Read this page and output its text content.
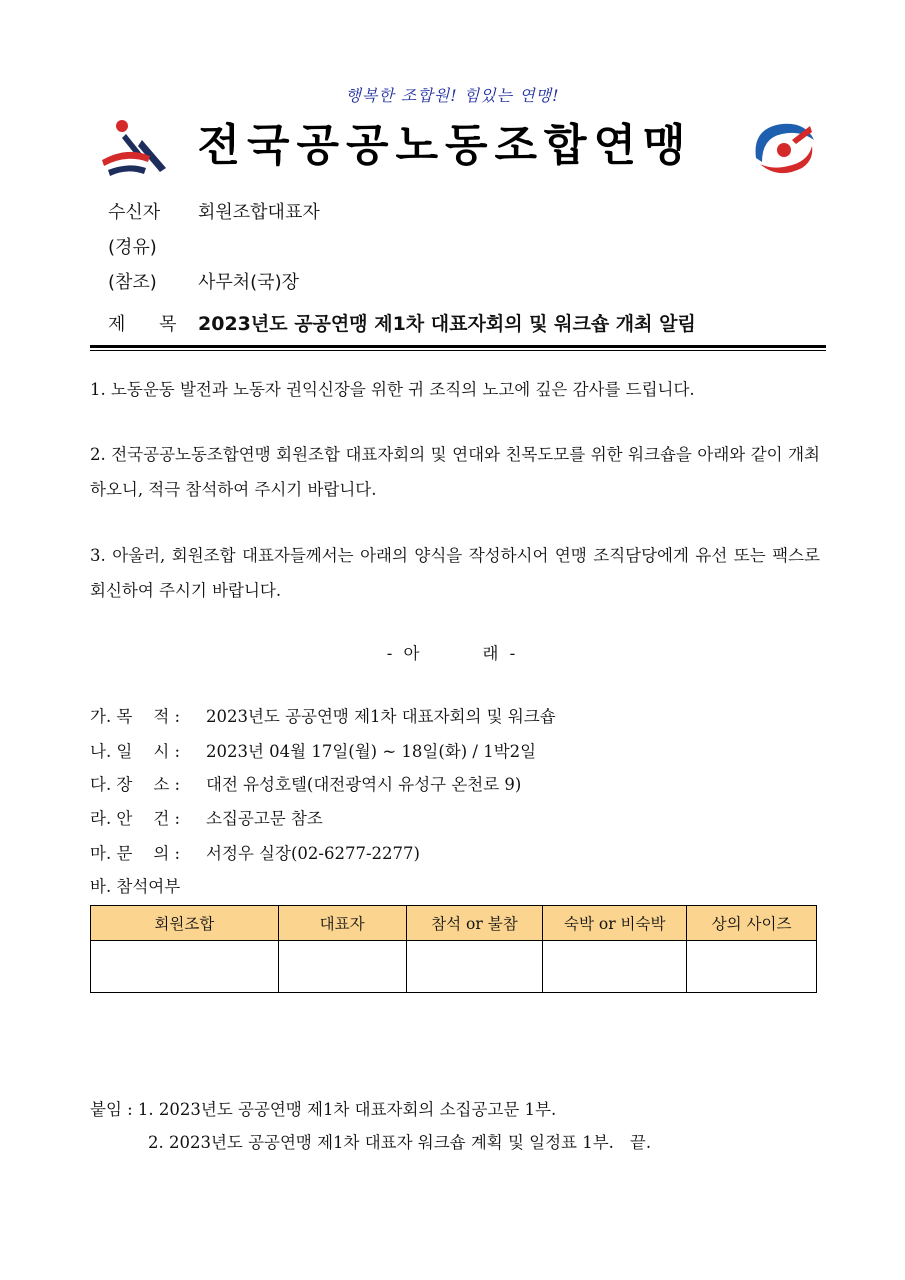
행복한 조합원! 힘있는 연맹!
전국공공노동조합연맹
수신자 회원조합대표자
(경유)
(참조) 사무처(국)장
제 목 2023년도 공공연맹 제1차 대표자회의 및 워크숍 개최 알림
1. 노동운동 발전과 노동자 권익신장을 위한 귀 조직의 노고에 깊은 감사를 드립니다.
2. 전국공공노동조합연맹 회원조합 대표자회의 및 연대와 친목도모를 위한 워크숍을 아래와 같이 개최 하오니, 적극 참석하여 주시기 바랍니다.
3. 아울러, 회원조합 대표자들께서는 아래의 양식을 작성하시어 연맹 조직담당에게 유선 또는 팩스로 회신하여 주시기 바랍니다.
- 아	래 -
가. 목    적 : 2023년도 공공연맹 제1차 대표자회의 및 워크숍
나. 일    시 : 2023년 04월 17일(월) ~ 18일(화) / 1박2일
다. 장    소 : 대전 유성호텔(대전광역시 유성구 온천로 9)
라. 안    건 : 소집공고문 참조
마. 문    의 : 서정우 실장(02-6277-2277)
바. 참석여부
회원조합	대표자	참석 or 불참	숙박 or 비숙박	상의 사이즈

붙임 : 1. 2023년도 공공연맹 제1차 대표자회의 소집공고문 1부.
2. 2023년도 공공연맹 제1차 대표자 워크숍 계획 및 일정표 1부. 끝.
